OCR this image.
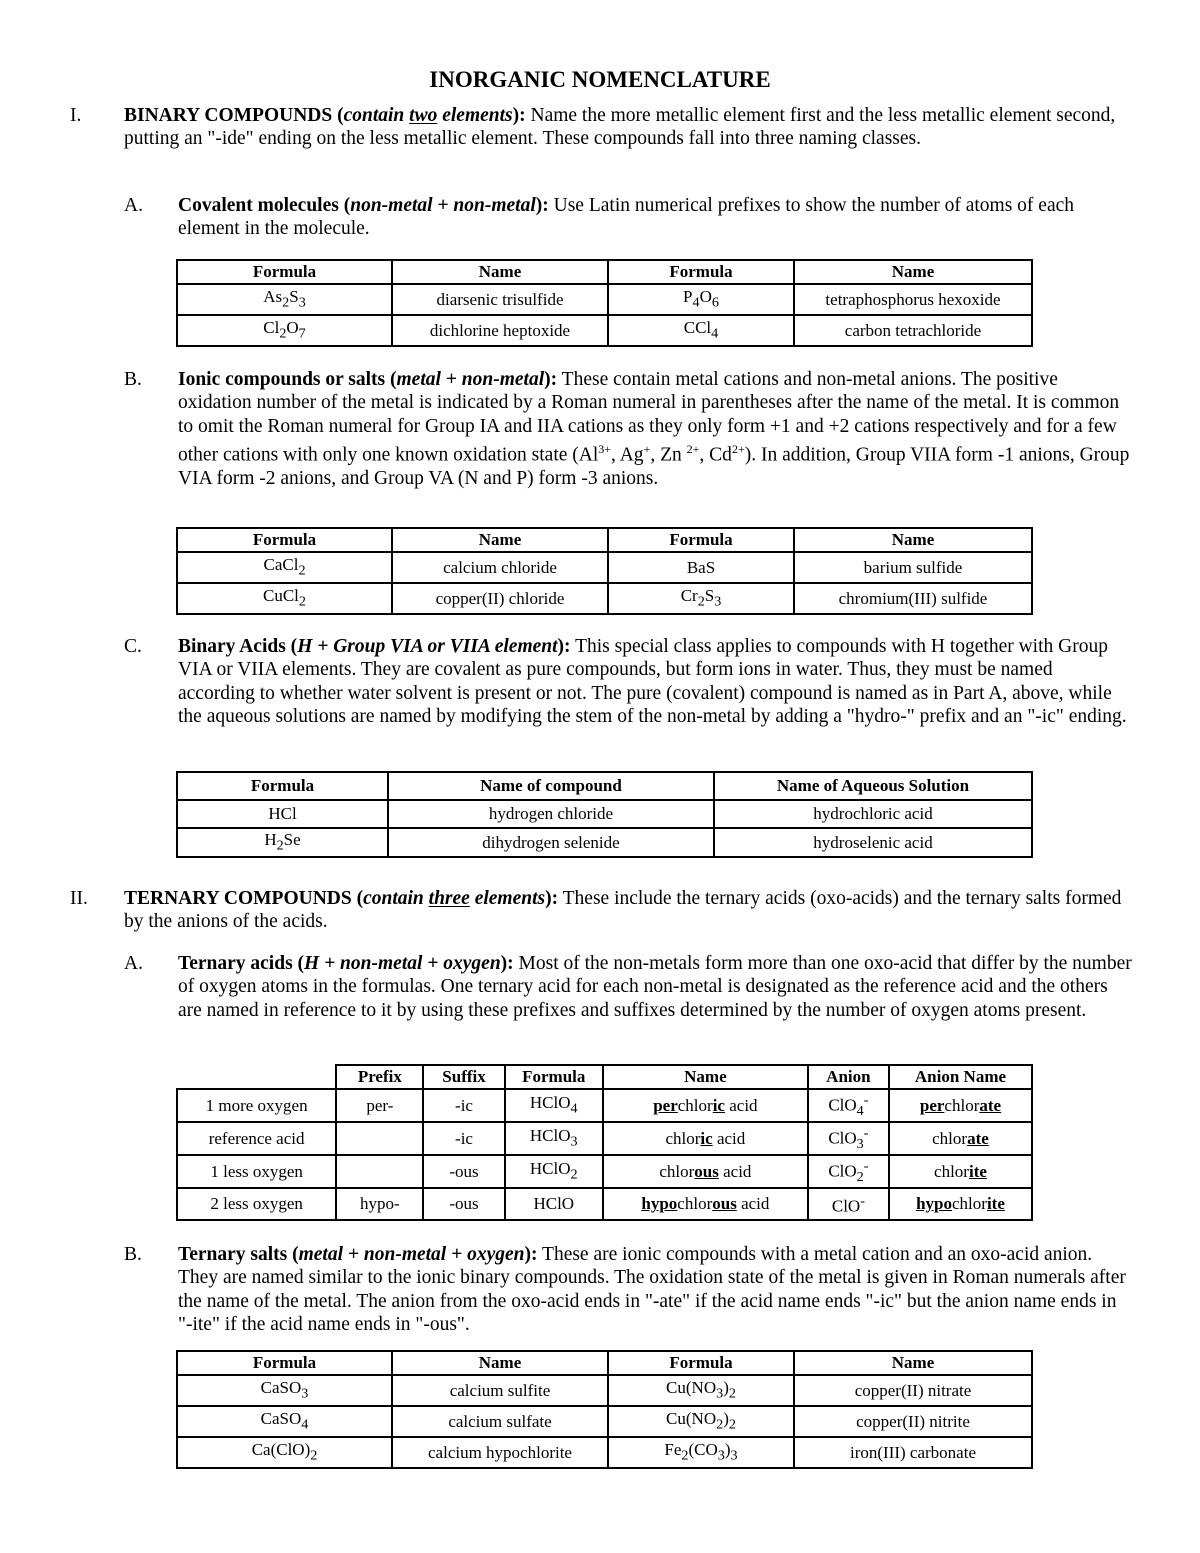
INORGANIC NOMENCLATURE
I. BINARY COMPOUNDS (contain two elements): Name the more metallic element first and the less metallic element second, putting an "-ide" ending on the less metallic element. These compounds fall into three naming classes.
A. Covalent molecules (non-metal + non-metal): Use Latin numerical prefixes to show the number of atoms of each element in the molecule.
Formula	Name	Formula	Name
$As_2S_3$	diarsenic trisulfide	$P_4O_6$	tetraphosphorus hexoxide
$Cl_2O_7$	dichlorine heptoxide	CCl$_4$	carbon tetrachloride
B. Ionic compounds or salts (metal + non-metal): These contain metal cations and non-metal anions. The positive oxidation number of the metal is indicated by a Roman numeral in parentheses after the name of the metal. It is common to omit the Roman numeral for Group IA and IIA cations as they only form +1 and +2 cations respectively and for a few other cations with only one known oxidation state ($Al^{3+}$, Ag+, Zn $^{2+}$, $Cd^{2+}$). In addition, Group VIIA form -1 anions, Group VIA form -2 anions, and Group VA (N and P) form -3 anions.
Formula	Name	Formula	Name
CaCl$_2$	calcium chloride	BaS	barium sulfide
CuCl$_2$	copper(II) chloride	$Cr_2S_3$	chromium(III) sulfide
C. Binary Acids (H + Group VIA or VIIA element): This special class applies to compounds with H together with Group VIA or VIIA elements. They are covalent as pure compounds, but form ions in water. Thus, they must be named according to whether water solvent is present or not. The pure (covalent) compound is named as in Part A, above, while the aqueous solutions are named by modifying the stem of the non-metal by adding a "hydro-" prefix and an "-ic" ending.
Formula	Name of compound	Name of Aqueous Solution
HCl	hydrogen chloride	hydrochloric acid
$H_2Se$	dihydrogen selenide	hydroselenic acid
II. TERNARY COMPOUNDS (contain three elements): These include the ternary acids (oxo-acids) and the ternary salts formed by the anions of the acids.
A. Ternary acids (H + non-metal + oxygen): Most of the non-metals form more than one oxo-acid that differ by the number of oxygen atoms in the formulas. One ternary acid for each non-metal is designated as the reference acid and the others are named in reference to it by using these prefixes and suffixes determined by the number of oxygen atoms present.
	Prefix	Suffix	Formula	Name	Anion	Anion Name
1 more oxygen	per-	-ic	HClO$_4$	perchloric acid	ClO$_4$-	perchlorate
reference acid		-ic	HClO$_3$	chloric acid	ClO$_3$-	chlorate
1 less oxygen		-ous	HClO$_2$	chlorous acid	ClO$_2$-	chlorite
2 less oxygen	hypo-	-ous	HClO	hypochlorous acid	ClO-	hypochlorite
B. Ternary salts (metal + non-metal + oxygen): These are ionic compounds with a metal cation and an oxo-acid anion. They are named similar to the ionic binary compounds. The oxidation state of the metal is given in Roman numerals after the name of the metal. The anion from the oxo-acid ends in "-ate" if the acid name ends "-ic" but the anion name ends in "-ite" if the acid name ends in "-ous".
Formula	Name	Formula	Name
CaSO$_3$	calcium sulfite	$Cu(NO_3)_2$	copper(II) nitrate
CaSO$_4$	calcium sulfate	$Cu(NO_2)_2$	copper(II) nitrite
$Ca(ClO)_2$	calcium hypochlorite	$Fe_2(CO_3)_3$	iron(III) carbonate
